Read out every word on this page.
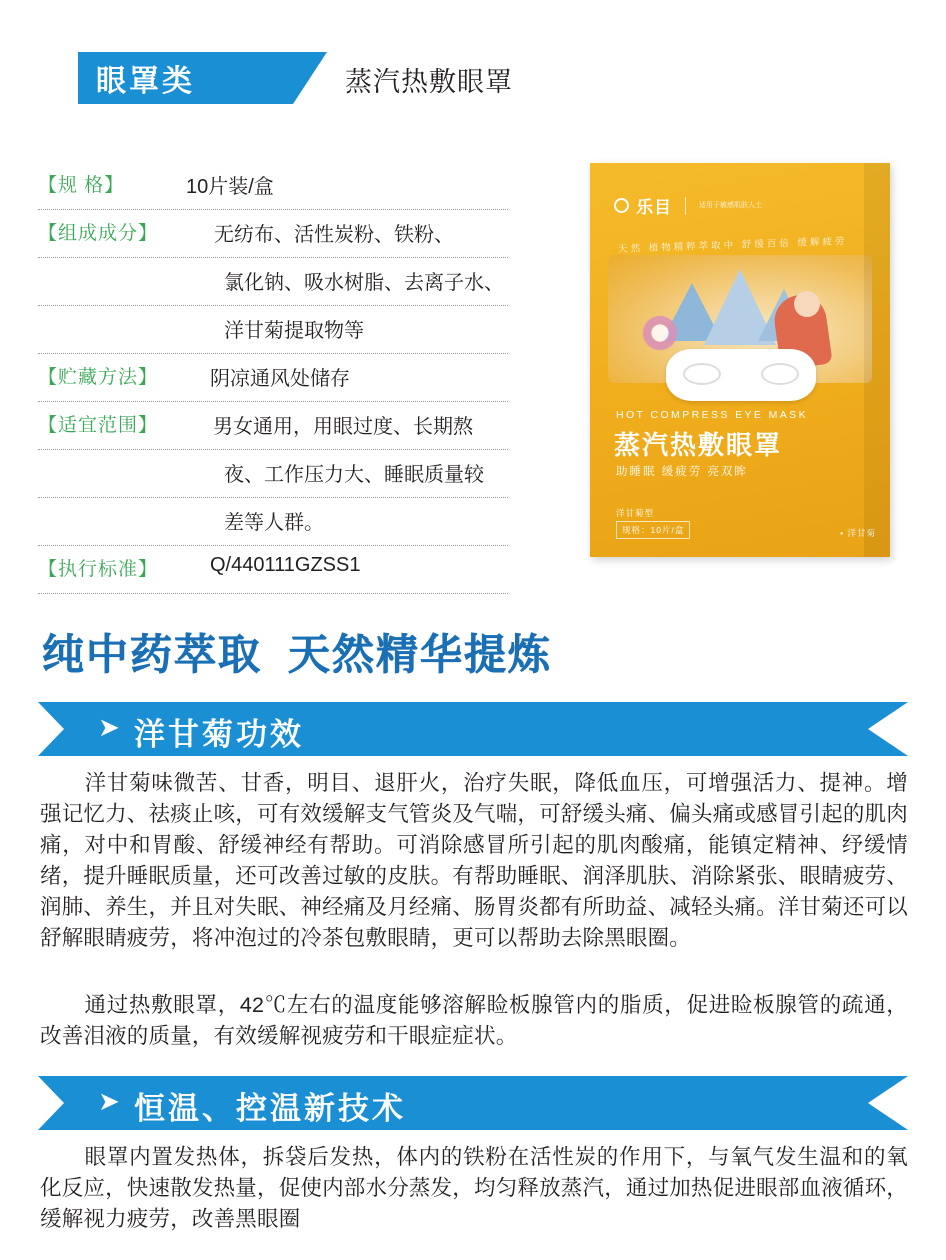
眼罩类	蒸汽热敷眼罩
【规 格】	10片装/盒
【组成成分】	无纺布、活性炭粉、铁粉、
氯化钠、吸水树脂、去离子水、
洋甘菊提取物等
【贮藏方法】	阴凉通风处储存
【适宜范围】	男女通用，用眼过度、长期熬
夜、工作压力大、睡眠质量较
差等人群。
【执行标准】	Q/440111GZSS1
乐目	适用于敏感肌肤人士
天然 植物精粹萃取中 舒缓百倍 缓解疲劳
HOT COMPRESS EYE MASK
蒸汽热敷眼罩
助睡眠 缓疲劳 亮双眸
洋甘菊型
规格：10片/盒	• 洋甘菊
纯中药萃取 天然精华提炼
➤ 洋甘菊功效
洋甘菊味微苦、甘香，明目、退肝火，治疗失眠，降低血压，可增强活力、提神。增强记忆力、祛痰止咳，可有效缓解支气管炎及气喘，可舒缓头痛、偏头痛或感冒引起的肌肉痛，对中和胃酸、舒缓神经有帮助。可消除感冒所引起的肌肉酸痛，能镇定精神、纾缓情绪，提升睡眠质量，还可改善过敏的皮肤。有帮助睡眠、润泽肌肤、消除紧张、眼睛疲劳、润肺、养生，并且对失眠、神经痛及月经痛、肠胃炎都有所助益、减轻头痛。洋甘菊还可以舒解眼睛疲劳，将冲泡过的冷茶包敷眼睛，更可以帮助去除黑眼圈。
通过热敷眼罩，42℃左右的温度能够溶解睑板腺管内的脂质，促进睑板腺管的疏通，改善泪液的质量，有效缓解视疲劳和干眼症症状。
➤ 恒温、控温新技术
眼罩内置发热体，拆袋后发热，体内的铁粉在活性炭的作用下，与氧气发生温和的氧化反应，快速散发热量，促使内部水分蒸发，均匀释放蒸汽，通过加热促进眼部血液循环，缓解视力疲劳，改善黑眼圈
